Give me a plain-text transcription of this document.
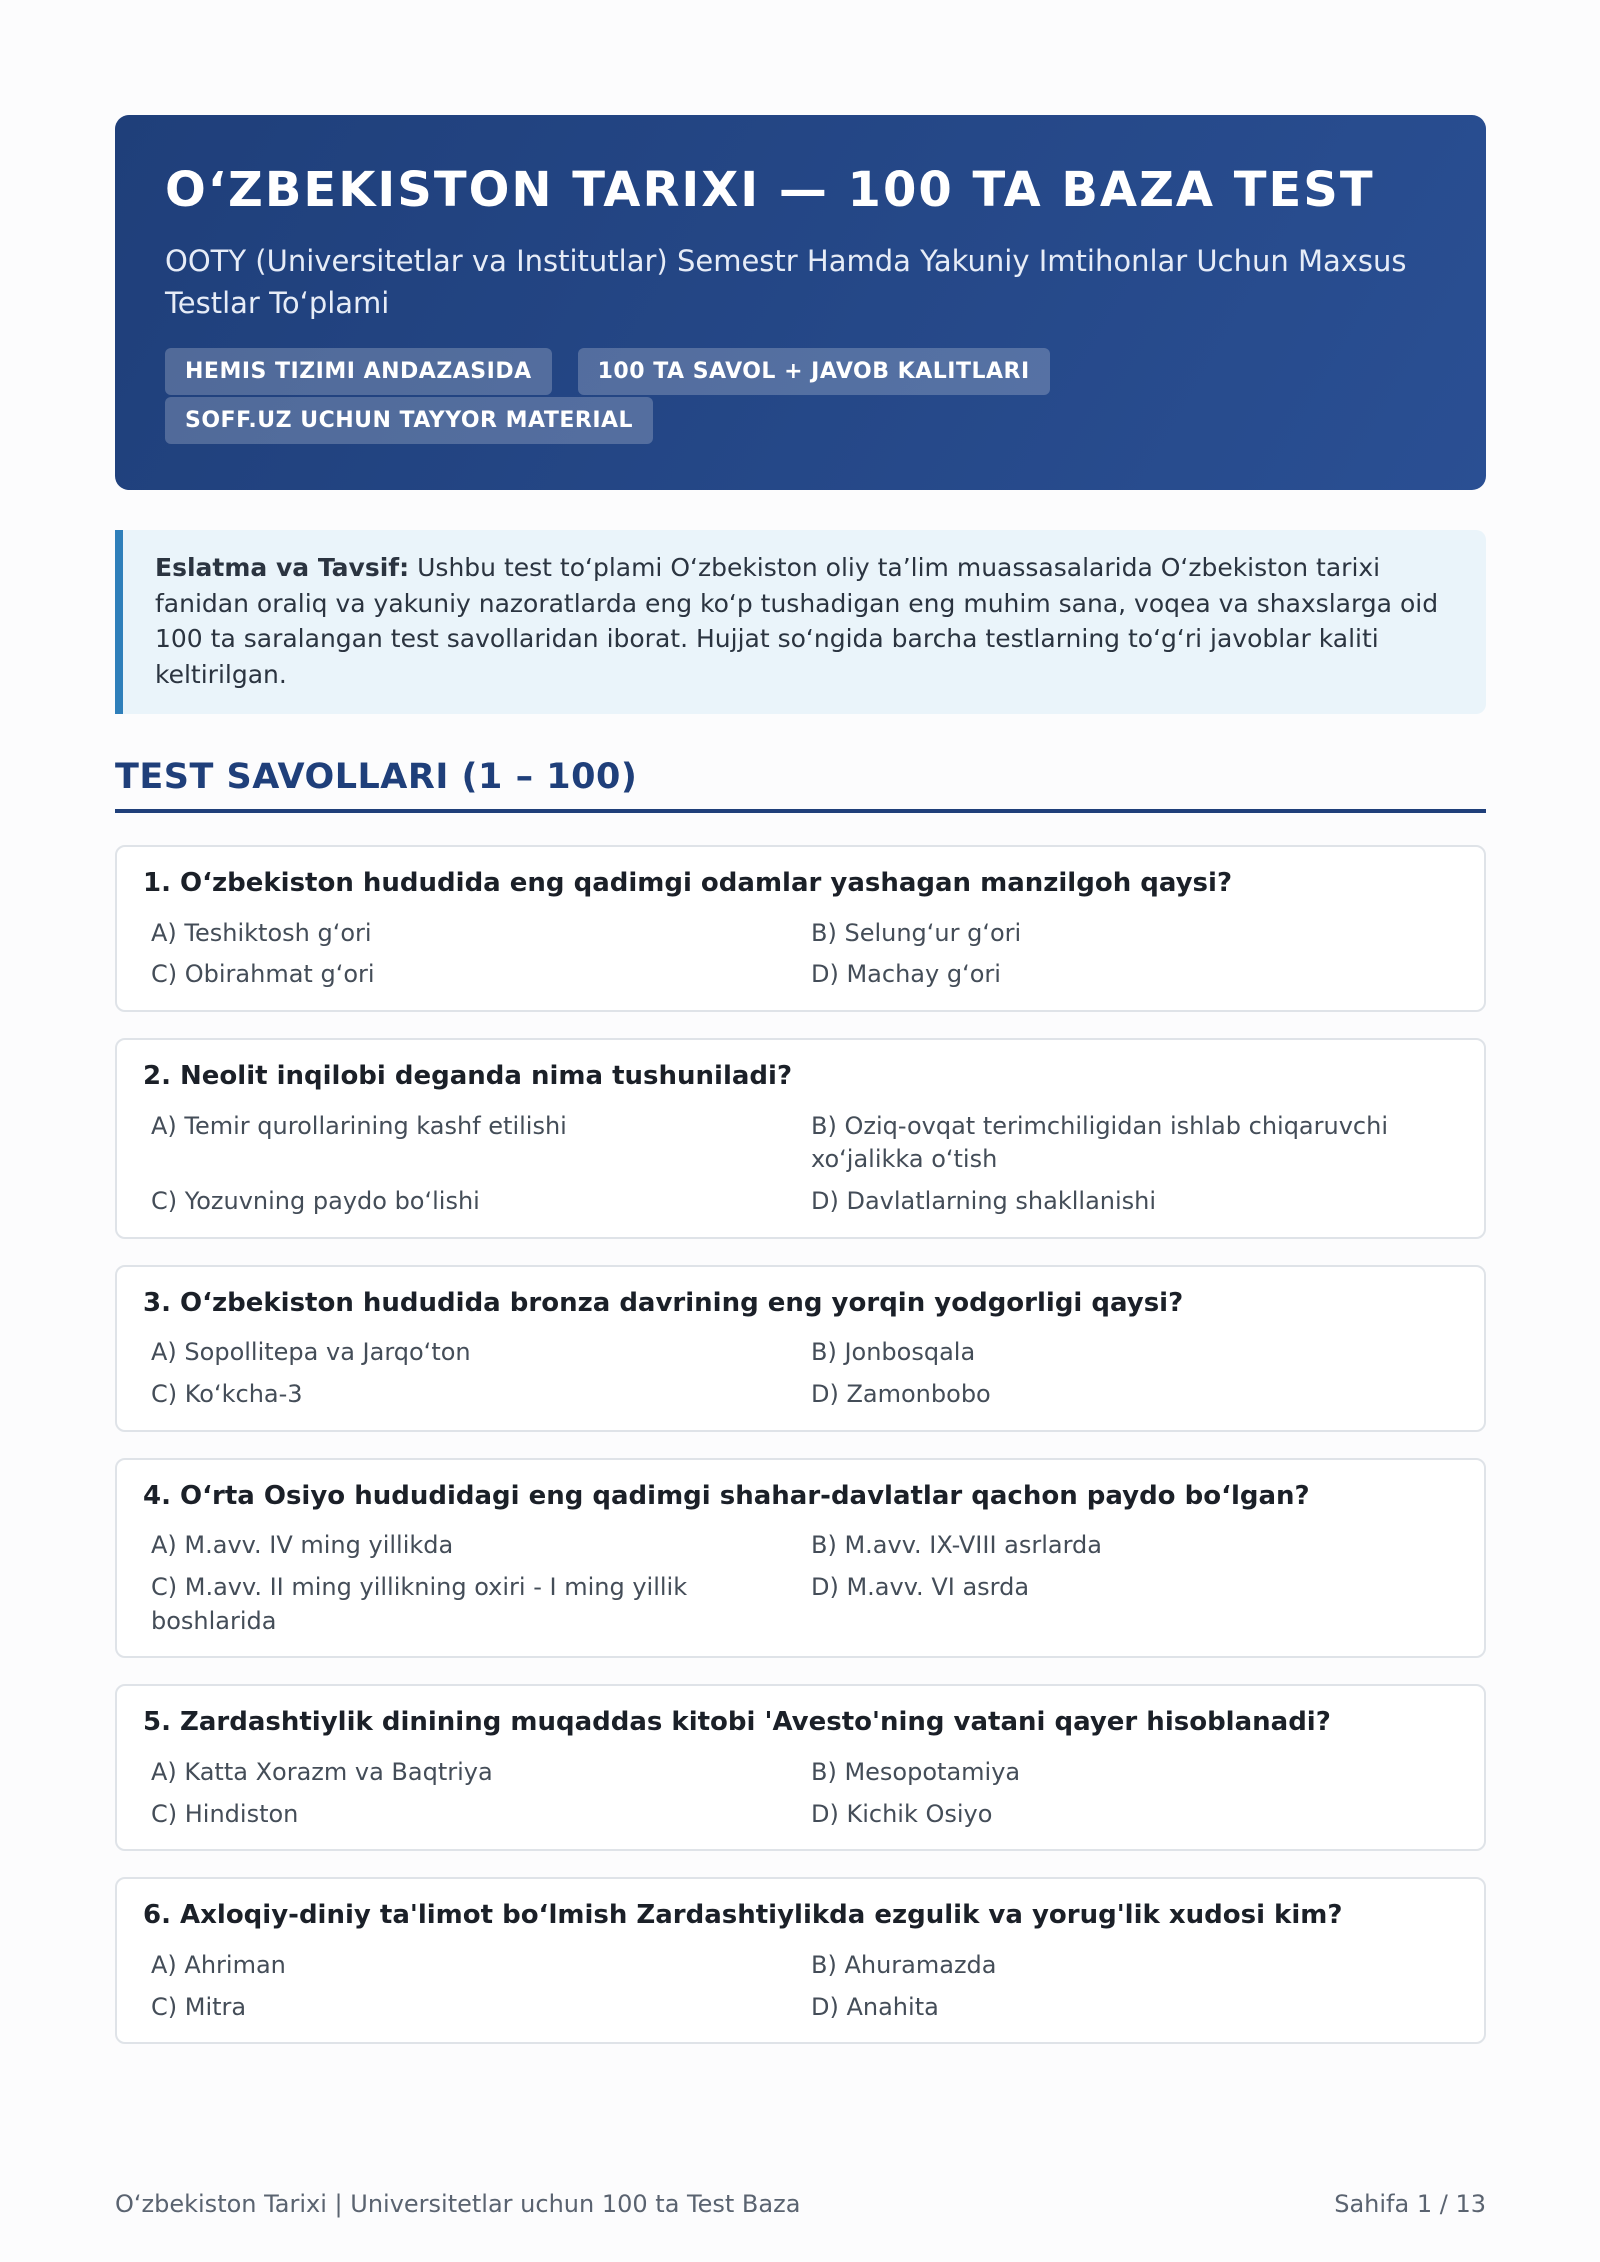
O‘ZBEKISTON TARIXI — 100 TA BAZA TEST
OOTY (Universitetlar va Institutlar) Semestr Hamda Yakuniy Imtihonlar Uchun Maxsus Testlar To‘plami
HEMIS TIZIMI ANDAZASIDA	100 TA SAVOL + JAVOB KALITLARI
SOFF.UZ UCHUN TAYYOR MATERIAL
Eslatma va Tavsif: Ushbu test to‘plami O‘zbekiston oliy ta’lim muassasalarida O‘zbekiston tarixi fanidan oraliq va yakuniy nazoratlarda eng ko‘p tushadigan eng muhim sana, voqea va shaxslarga oid 100 ta saralangan test savollaridan iborat. Hujjat so‘ngida barcha testlarning to‘g‘ri javoblar kaliti keltirilgan.
TEST SAVOLLARI (1 – 100)
1. O‘zbekiston hududida eng qadimgi odamlar yashagan manzilgoh qaysi?
A) Teshiktosh g‘ori	B) Selung‘ur g‘ori
C) Obirahmat g‘ori	D) Machay g‘ori
2. Neolit inqilobi deganda nima tushuniladi?
A) Temir qurollarining kashf etilishi	B) Oziq-ovqat terimchiligidan ishlab chiqaruvchi xo‘jalikka o‘tish
C) Yozuvning paydo bo‘lishi	D) Davlatlarning shakllanishi
3. O‘zbekiston hududida bronza davrining eng yorqin yodgorligi qaysi?
A) Sopollitepa va Jarqo‘ton	B) Jonbosqala
C) Ko‘kcha-3	D) Zamonbobo
4. O‘rta Osiyo hududidagi eng qadimgi shahar-davlatlar qachon paydo bo‘lgan?
A) M.avv. IV ming yillikda	B) M.avv. IX-VIII asrlarda
C) M.avv. II ming yillikning oxiri - I ming yillik boshlarida
D) M.avv. VI asrda
5. Zardashtiylik dinining muqaddas kitobi 'Avesto'ning vatani qayer hisoblanadi?
A) Katta Xorazm va Baqtriya	B) Mesopotamiya
C) Hindiston	D) Kichik Osiyo
6. Axloqiy-diniy ta'limot bo‘lmish Zardashtiylikda ezgulik va yorug'lik xudosi kim?
A) Ahriman	B) Ahuramazda
C) Mitra	D) Anahita
O‘zbekiston Tarixi | Universitetlar uchun 100 ta Test Baza	Sahifa 1 / 13
